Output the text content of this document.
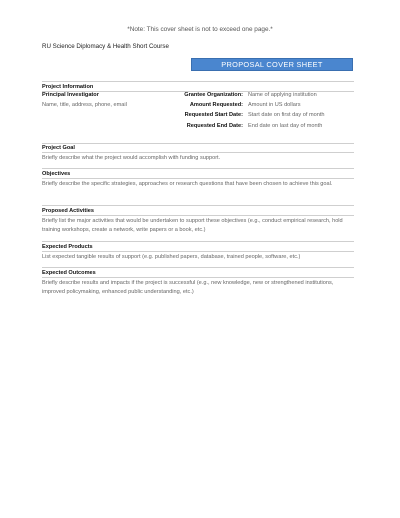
*Note: This cover sheet is not to exceed one page.*
RU Science Diplomacy & Health Short Course
PROPOSAL COVER SHEET
Project Information
Principal Investigator
Name, title, address, phone, email
Grantee Organization: Name of applying institution
Amount Requested: Amount in US dollars
Requested Start Date: Start date on first day of month
Requested End Date: End date on last day of month
Project Goal
Briefly describe what the project would accomplish with funding support.
Objectives
Briefly describe the specific strategies, approaches or research questions that have been chosen to achieve this goal.
Proposed Activities
Briefly list the major activities that would be undertaken to support these objectives (e.g., conduct empirical research, hold training workshops, create a network, write papers or a book, etc.)
Expected Products
List expected tangible results of support (e.g. published papers, database, trained people, software, etc.)
Expected Outcomes
Briefly describe results and impacts if the project is successful (e.g., new knowledge, new or strengthened institutions, improved policymaking, enhanced public understanding, etc.)
